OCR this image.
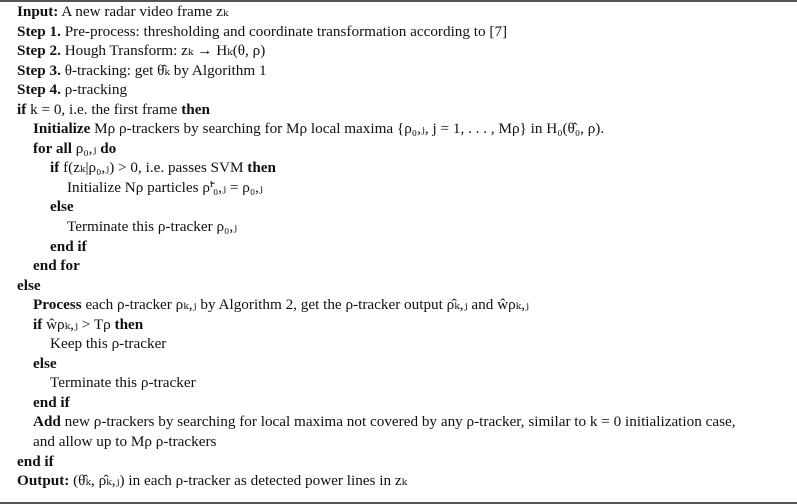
Input: A new radar video frame zₖ
Step 1. Pre-process: thresholding and coordinate transformation according to [7]
Step 2. Hough Transform: zₖ → Hₖ(θ, ρ)
Step 3. θ-tracking: get θ̂ₖ by Algorithm 1
Step 4. ρ-tracking
if k = 0, i.e. the first frame then
Initialize Mρ ρ-trackers by searching for Mρ local maxima {ρ₀,ⱼ, j = 1, . . . , Mρ} in H₀(θ̂₀, ρ).
for all ρ₀,ⱼ do
if f(zₖ|ρ₀,ⱼ) > 0, i.e. passes SVM then
Initialize Nρ particles ρ̃ⁱ₀,ⱼ = ρ₀,ⱼ
else
Terminate this ρ-tracker ρ₀,ⱼ
end if
end for
else
Process each ρ-tracker ρₖ,ⱼ by Algorithm 2, get the ρ-tracker output ρ̂ₖ,ⱼ and ŵρₖ,ⱼ
if ŵρₖ,ⱼ > Tρ then
Keep this ρ-tracker
else
Terminate this ρ-tracker
end if
Add new ρ-trackers by searching for local maxima not covered by any ρ-tracker, similar to k = 0 initialization case,
and allow up to Mρ ρ-trackers
end if
Output: (θ̂ₖ, ρ̂ₖ,ⱼ) in each ρ-tracker as detected power lines in zₖ
